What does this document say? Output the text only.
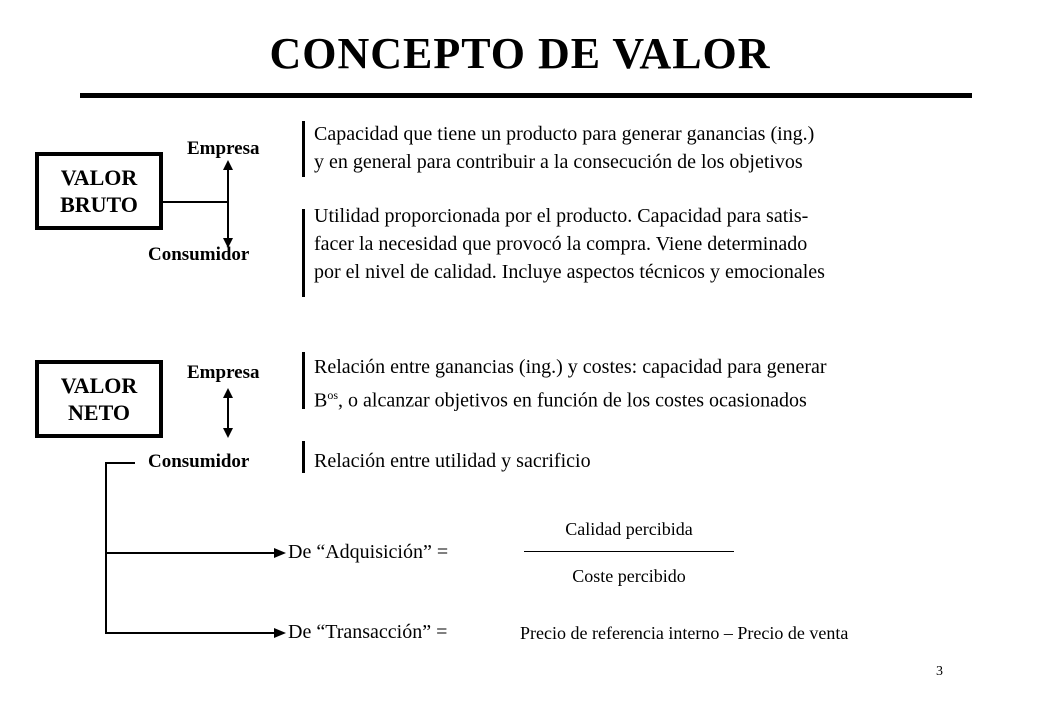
CONCEPTO DE VALOR
VALOR
BRUTO
Empresa
Consumidor
Capacidad que tiene un producto para generar ganancias (ing.)
y en general para contribuir a la consecución de los objetivos
Utilidad proporcionada por el producto. Capacidad para satis-
facer la necesidad que provocó la compra. Viene determinado
por el nivel de calidad. Incluye aspectos técnicos y emocionales
VALOR
NETO
Empresa
Consumidor
Relación entre ganancias (ing.) y costes: capacidad para generar
$B^{os}$, o alcanzar objetivos en función de los costes ocasionados
Relación entre utilidad y sacrificio
De “Adquisición” =
Calidad percibida
Coste percibido
De “Transacción” =	Precio de referencia interno – Precio de venta
3
